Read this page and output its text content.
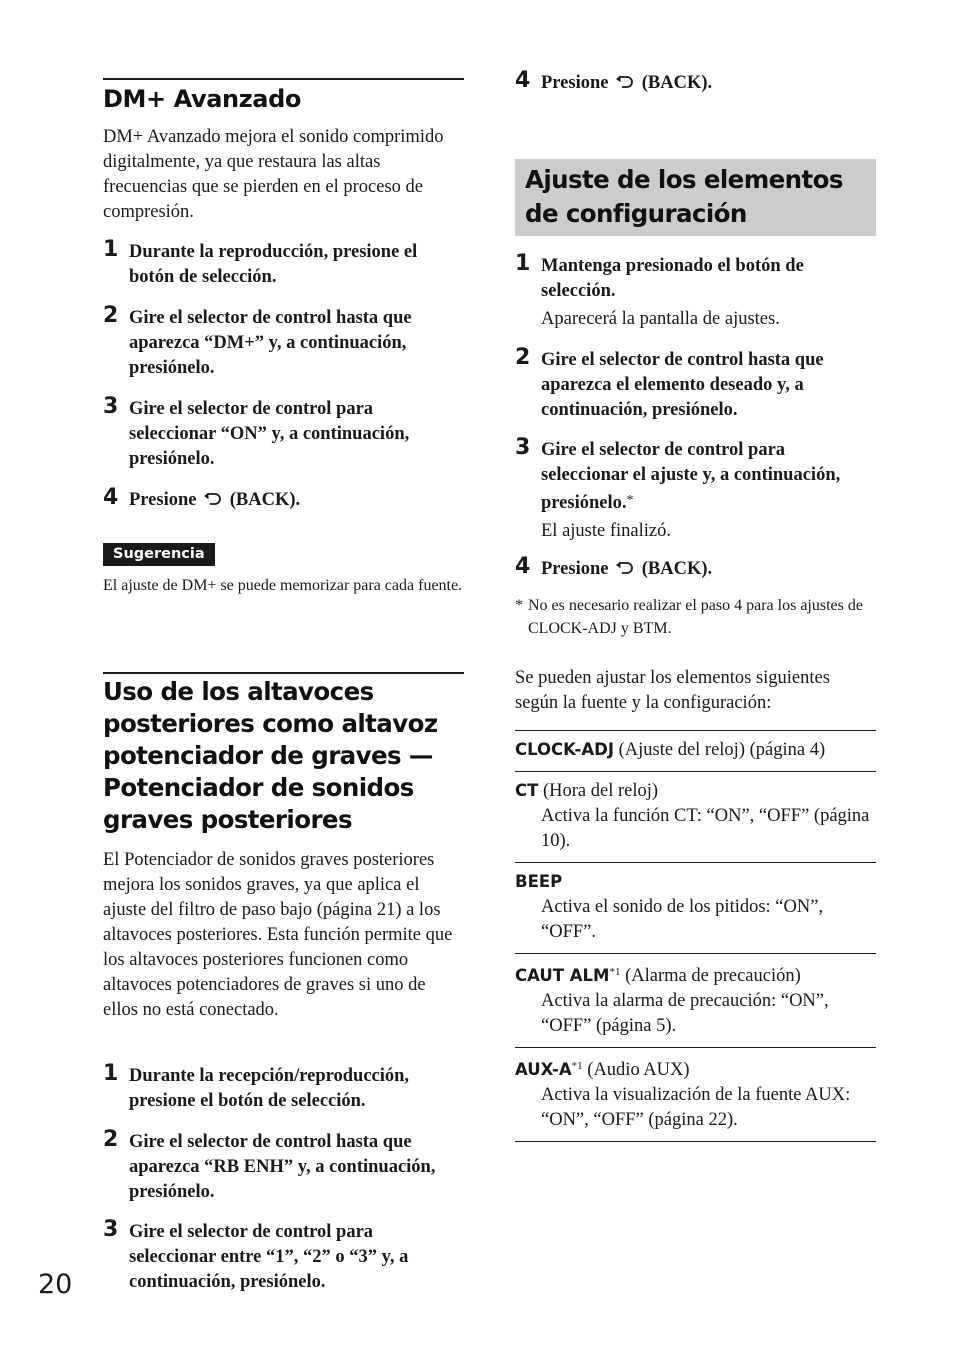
DM+ Avanzado

DM+ Avanzado mejora el sonido comprimido digitalmente, ya que restaura las altas frecuencias que se pierden en el proceso de compresión.

1 Durante la reproducción, presione el botón de selección.
2 Gire el selector de control hasta que aparezca “DM+” y, a continuación, presiónelo.
3 Gire el selector de control para seleccionar “ON” y, a continuación, presiónelo.
4 Presione (BACK).
Sugerencia

El ajuste de DM+ se puede memorizar para cada fuente.

Uso de los altavoces posteriores como altavoz potenciador de graves — Potenciador de sonidos graves posteriores

El Potenciador de sonidos graves posteriores mejora los sonidos graves, ya que aplica el ajuste del filtro de paso bajo (página 21) a los altavoces posteriores. Esta función permite que los altavoces posteriores funcionen como altavoces potenciadores de graves si uno de ellos no está conectado.

1 Durante la recepción/reproducción, presione el botón de selección.
2 Gire el selector de control hasta que aparezca “RB ENH” y, a continuación, presiónelo.
3 Gire el selector de control para seleccionar entre “1”, “2” o “3” y, a continuación, presiónelo.
20
4 Presione (BACK).
Ajuste de los elementos de configuración
1 Mantenga presionado el botón de selección.
Aparecerá la pantalla de ajustes.
2 Gire el selector de control hasta que aparezca el elemento deseado y, a continuación, presiónelo.
3 Gire el selector de control para seleccionar el ajuste y, a continuación, presiónelo.*
El ajuste finalizó.
4 Presione (BACK).
* No es necesario realizar el paso 4 para los ajustes de CLOCK-ADJ y BTM.

Se pueden ajustar los elementos siguientes según la fuente y la configuración:

CLOCK-ADJ (Ajuste del reloj) (página 4)
CT (Hora del reloj)
Activa la función CT: “ON”, “OFF” (página 10).
BEEP
Activa el sonido de los pitidos: “ON”, “OFF”.
CAUT ALM$^{*1}$ (Alarma de precaución)
Activa la alarma de precaución: “ON”, “OFF” (página 5).
AUX-$A^{*1}$ (Audio AUX)
Activa la visualización de la fuente AUX: “ON”, “OFF” (página 22).
